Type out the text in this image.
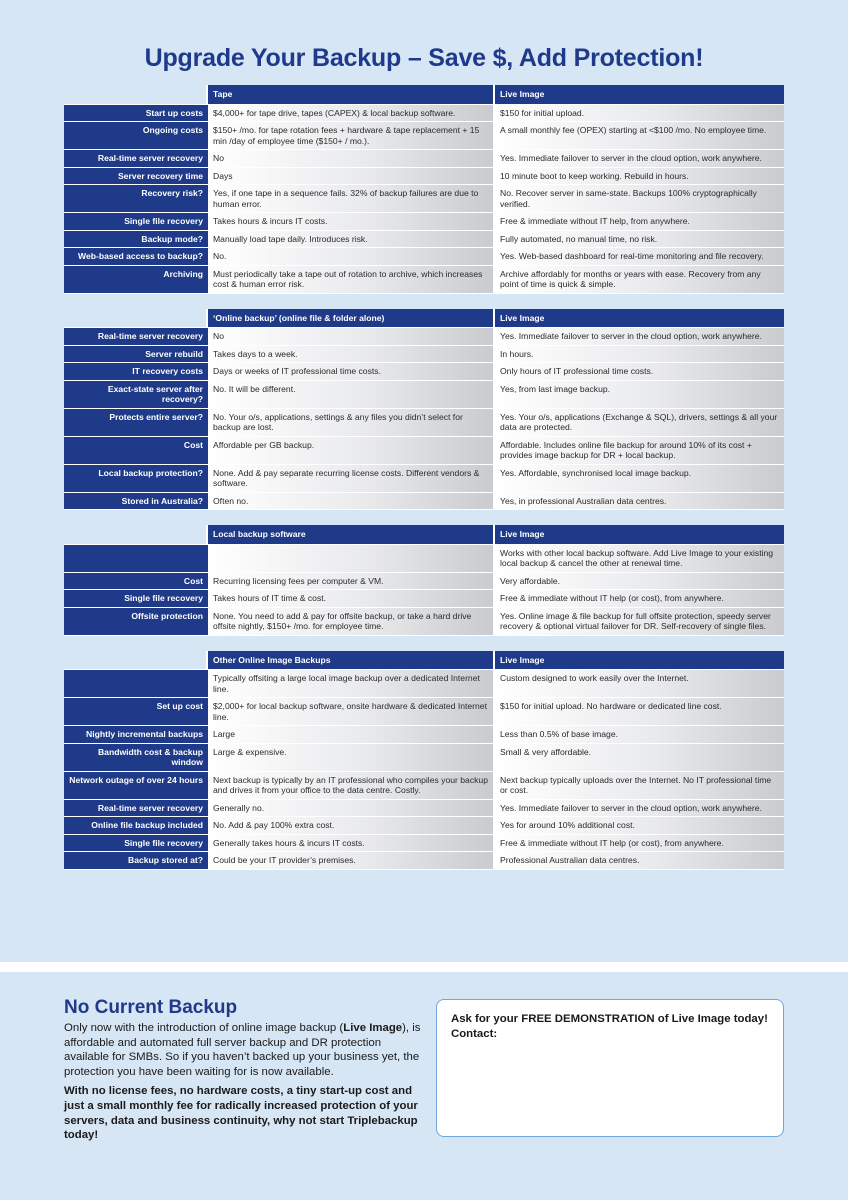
Upgrade Your Backup – Save $, Add Protection!
	Tape	Live Image
Start up costs	$4,000+ for tape drive, tapes (CAPEX) & local backup software.	$150 for initial upload.
Ongoing costs	$150+ /mo. for tape rotation fees + hardware & tape replacement + 15 min /day of employee time ($150+ / mo.).	A small monthly fee (OPEX) starting at <$100 /mo. No employee time.
Real-time server recovery	No	Yes. Immediate failover to server in the cloud option, work anywhere.
Server recovery time	Days	10 minute boot to keep working. Rebuild in hours.
Recovery risk?	Yes, if one tape in a sequence fails. 32% of backup failures are due to human error.	No. Recover server in same-state. Backups 100% cryptographically verified.
Single file recovery	Takes hours & incurs IT costs.	Free & immediate without IT help, from anywhere.
Backup mode?	Manually load tape daily. Introduces risk.	Fully automated, no manual time, no risk.
Web-based access to backup?	No.	Yes. Web-based dashboard for real-time monitoring and file recovery.
Archiving	Must periodically take a tape out of rotation to archive, which increases cost & human error risk.	Archive affordably for months or years with ease. Recovery from any point of time is quick & simple.
	‘Online backup’ (online file & folder alone)	Live Image
Real-time server recovery	No	Yes. Immediate failover to server in the cloud option, work anywhere.
Server rebuild	Takes days to a week.	In hours.
IT recovery costs	Days or weeks of IT professional time costs.	Only hours of IT professional time costs.
Exact-state server after recovery?	No. It will be different.	Yes, from last image backup.
Protects entire server?	No. Your o/s, applications, settings & any files you didn’t select for backup are lost.	Yes. Your o/s, applications (Exchange & SQL), drivers, settings & all your data are protected.
Cost	Affordable per GB backup.	Affordable. Includes online file backup for around 10% of its cost + provides image backup for DR + local backup.
Local backup protection?	None. Add & pay separate recurring license costs. Different vendors & software.	Yes. Affordable, synchronised local image backup.
Stored in Australia?	Often no.	Yes, in professional Australian data centres.
	Local backup software	Live Image
		Works with other local backup software. Add Live Image to your existing local backup & cancel the other at renewal time.
Cost	Recurring licensing fees per computer & VM.	Very affordable.
Single file recovery	Takes hours of IT time & cost.	Free & immediate without IT help (or cost), from anywhere.
Offsite protection	None. You need to add & pay for offsite backup, or take a hard drive offsite nightly, $150+ /mo. for employee time.	Yes. Online image & file backup for full offsite protection, speedy server recovery & optional virtual failover for DR. Self-recovery of single files.
	Other Online Image Backups	Live Image
	Typically offsiting a large local image backup over a dedicated Internet line.	Custom designed to work easily over the Internet.
Set up cost	$2,000+ for local backup software, onsite hardware & dedicated Internet line.	$150 for initial upload. No hardware or dedicated line cost.
Nightly incremental backups	Large	Less than 0.5% of base image.
Bandwidth cost & backup window	Large & expensive.	Small & very affordable.
Network outage of over 24 hours	Next backup is typically by an IT professional who compiles your backup and drives it from your office to the data centre. Costly.	Next backup typically uploads over the Internet. No IT professional time or cost.
Real-time server recovery	Generally no.	Yes. Immediate failover to server in the cloud option, work anywhere.
Online file backup included	No. Add & pay 100% extra cost.	Yes for around 10% additional cost.
Single file recovery	Generally takes hours & incurs IT costs.	Free & immediate without IT help (or cost), from anywhere.
Backup stored at?	Could be your IT provider’s premises.	Professional Australian data centres.
No Current Backup

Only now with the introduction of online image backup (Live Image), is affordable and automated full server backup and DR protection available for SMBs. So if you haven’t backed up your business yet, the protection you have been waiting for is now available.

With no license fees, no hardware costs, a tiny start-up cost and just a small monthly fee for radically increased protection of your servers, data and business continuity, why not start Triplebackup today!

Ask for your FREE DEMONSTRATION of Live Image today!
Contact:
